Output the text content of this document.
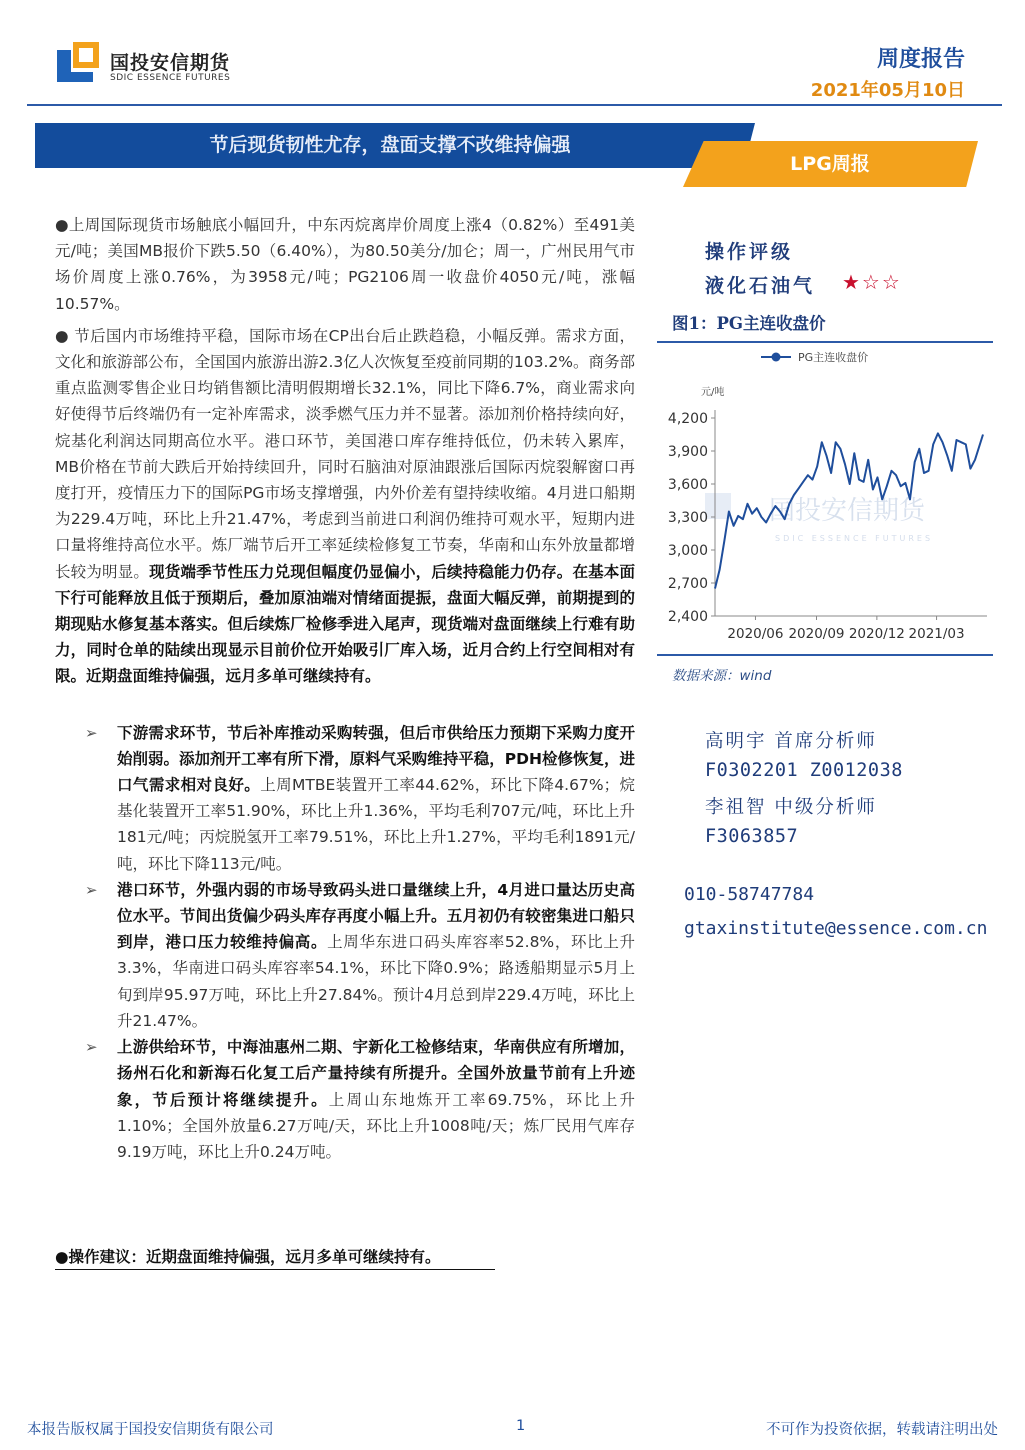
国投安信期货
SDIC ESSENCE FUTURES
周度报告
2021年05月10日
节后现货韧性尤存，盘面支撑不改维持偏强
LPG周报

●上周国际现货市场触底小幅回升，中东丙烷离岸价周度上涨4（0.82%）至491美元/吨；美国MB报价下跌5.50（6.40%），为80.50美分/加仑；周一，广州民用气市场价周度上涨0.76%，为3958元/吨；PG2106周一收盘价4050元/吨，涨幅10.57%。

● 节后国内市场维持平稳，国际市场在CP出台后止跌趋稳，小幅反弹。需求方面，文化和旅游部公布，全国国内旅游出游2.3亿人次恢复至疫前同期的103.2%。商务部重点监测零售企业日均销售额比清明假期增长32.1%，同比下降6.7%，商业需求向好使得节后终端仍有一定补库需求，淡季燃气压力并不显著。添加剂价格持续向好，烷基化利润达同期高位水平。港口环节，美国港口库存维持低位，仍未转入累库，MB价格在节前大跌后开始持续回升，同时石脑油对原油跟涨后国际丙烷裂解窗口再度打开，疫情压力下的国际PG市场支撑增强，内外价差有望持续收缩。4月进口船期为229.4万吨，环比上升21.47%，考虑到当前进口利润仍维持可观水平，短期内进口量将维持高位水平。炼厂端节后开工率延续检修复工节奏，华南和山东外放量都增长较为明显。现货端季节性压力兑现但幅度仍显偏小，后续持稳能力仍存。在基本面下行可能释放且低于预期后，叠加原油端对情绪面提振，盘面大幅反弹，前期提到的期现贴水修复基本落实。但后续炼厂检修季进入尾声，现货端对盘面继续上行难有助力，同时仓单的陆续出现显示目前价位开始吸引厂库入场，近月合约上行空间相对有限。近期盘面维持偏强，远月多单可继续持有。

➢ 下游需求环节，节后补库推动采购转强，但后市供给压力预期下采购力度开始削弱。添加剂开工率有所下滑，原料气采购维持平稳，PDH检修恢复，进口气需求相对良好。上周MTBE装置开工率44.62%，环比下降4.67%；烷基化装置开工率51.90%，环比上升1.36%，平均毛利707元/吨，环比上升181元/吨；丙烷脱氢开工率79.51%，环比上升1.27%，平均毛利1891元/吨，环比下降113元/吨。
➢ 港口环节，外强内弱的市场导致码头进口量继续上升，4月进口量达历史高位水平。节间出货偏少码头库存再度小幅上升。五月初仍有较密集进口船只到岸，港口压力较维持偏高。上周华东进口码头库容率52.8%，环比上升3.3%，华南进口码头库容率54.1%，环比下降0.9%；路透船期显示5月上旬到岸95.97万吨，环比上升27.84%。预计4月总到岸229.4万吨，环比上升21.47%。
➢ 上游供给环节，中海油惠州二期、宇新化工检修结束，华南供应有所增加，扬州石化和新海石化复工后产量持续有所提升。全国外放量节前有上升迹象，节后预计将继续提升。上周山东地炼开工率69.75%，环比上升1.10%；全国外放量6.27万吨/天，环比上升1008吨/天；炼厂民用气库存9.19万吨，环比上升0.24万吨。
●操作建议：近期盘面维持偏强，远月多单可继续持有。
操作评级
液化石油气 ★☆☆
图1：PG主连收盘价
国投安信期货
SDIC ESSENCE FUTURES
PG主连收盘价
元/吨
2,400
2,700
3,000
3,300
3,600
3,900
4,200
2020/06 2020/09 2020/12 2021/03
数据来源：wind
高明宇 首席分析师
F0302201 Z0012038
李祖智 中级分析师
F3063857
010-58747784
gtaxinstitute@essence.com.cn
本报告版权属于国投安信期货有限公司	1	不可作为投资依据，转载请注明出处
